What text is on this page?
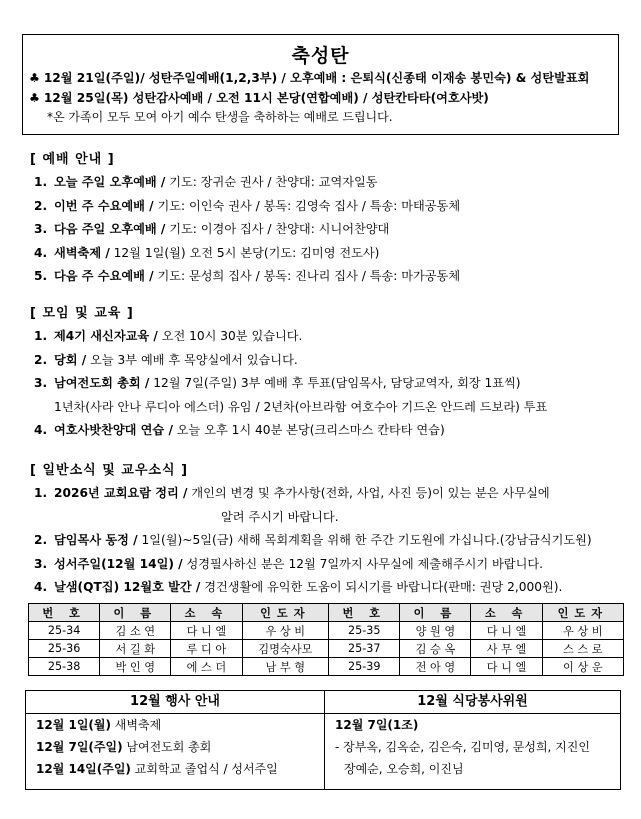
축성탄
♣ 12월 21일(주일)/ 성탄주일예배(1,2,3부) / 오후예배 : 은퇴식(신종태 이재송 봉민숙) & 성탄발표회
♣ 12월 25일(목) 성탄감사예배 / 오전 11시 본당(연합예배) / 성탄칸타타(여호사밧)
*온 가족이 모두 모여 아기 예수 탄생을 축하하는 예배로 드립니다.
[ 예배 안내 ]
1. 오늘 주일 오후예배 / 기도: 장귀순 권사 / 찬양대: 교역자일동
2. 이번 주 수요예배 / 기도: 이인숙 권사 / 봉독: 김영숙 집사 / 특송: 마태공동체
3. 다음 주일 오후예배 / 기도: 이경아 집사 / 찬양대: 시니어찬양대
4. 새벽축제 / 12월 1일(월) 오전 5시 본당(기도: 김미영 전도사)
5. 다음 주 수요예배 / 기도: 문성희 집사 / 봉독: 진나리 집사 / 특송: 마가공동체
[ 모임 및 교육 ]
1. 제4기 새신자교육 / 오전 10시 30분 있습니다.
2. 당회 / 오늘 3부 예배 후 목양실에서 있습니다.
3. 남여전도회 총회 / 12월 7일(주일) 3부 예배 후 투표(담임목사, 담당교역자, 회장 1표씩)
1년차(사라 안나 루디아 에스더) 유임 / 2년차(아브라함 여호수아 기드온 안드레 드보라) 투표
4. 여호사밧찬양대 연습 / 오늘 오후 1시 40분 본당(크리스마스 칸타타 연습)
[ 일반소식 및 교우소식 ]
1. 2026년 교회요람 정리 / 개인의 변경 및 추가사항(전화, 사업, 사진 등)이 있는 분은 사무실에
알려 주시기 바랍니다.
2. 담임목사 동정 / 1일(월)~5일(금) 새해 목회계획을 위해 한 주간 기도원에 가십니다.(강남금식기도원)
3. 성서주일(12월 14일) / 성경필사하신 분은 12월 7일까지 사무실에 제출해주시기 바랍니다.
4. 날샘(QT집) 12월호 발간 / 경건생활에 유익한 도움이 되시기를 바랍니다(판매: 권당 2,000원).
번 호	이 름	소 속	인도자	번 호	이 름	소 속	인도자
25-34	김 소 연	다 니 엘	우 상 비	25-35	양 원 영	다 니 엘	우 상 비
25-36	서 길 화	루 디 아	김명숙사모	25-37	김 승 옥	사 무 엘	스 스 로
25-38	박 인 영	에 스 더	남 부 형	25-39	전 아 영	다 니 엘	이 상 운
12월 행사 안내
12월 1일(월) 새벽축제
12월 7일(주일) 남여전도회 총회
12월 14일(주일) 교회학교 졸업식 / 성서주일
12월 식당봉사위원
12월 7일(1조)
- 장부옥, 김옥순, 김은숙, 김미영, 문성희, 지진인
장예순, 오승희, 이진님
